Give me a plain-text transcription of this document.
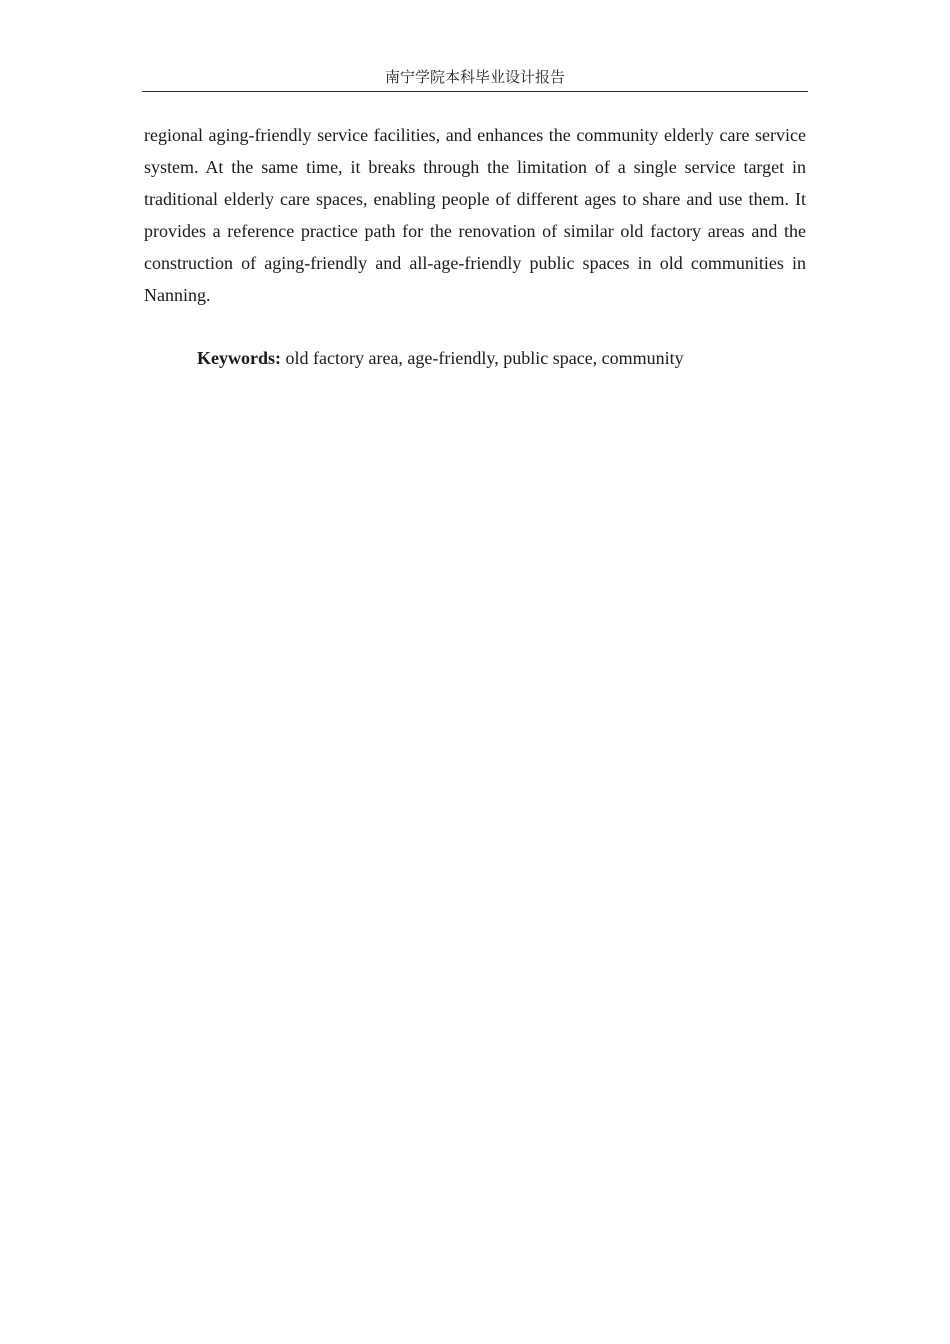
南宁学院本科毕业设计报告

regional aging-friendly service facilities, and enhances the community elderly care service system. At the same time, it breaks through the limitation of a single service target in traditional elderly care spaces, enabling people of different ages to share and use them. It provides a reference practice path for the renovation of similar old factory areas and the construction of aging-friendly and all-age-friendly public spaces in old communities in Nanning.

Keywords: old factory area, age-friendly, public space, community
